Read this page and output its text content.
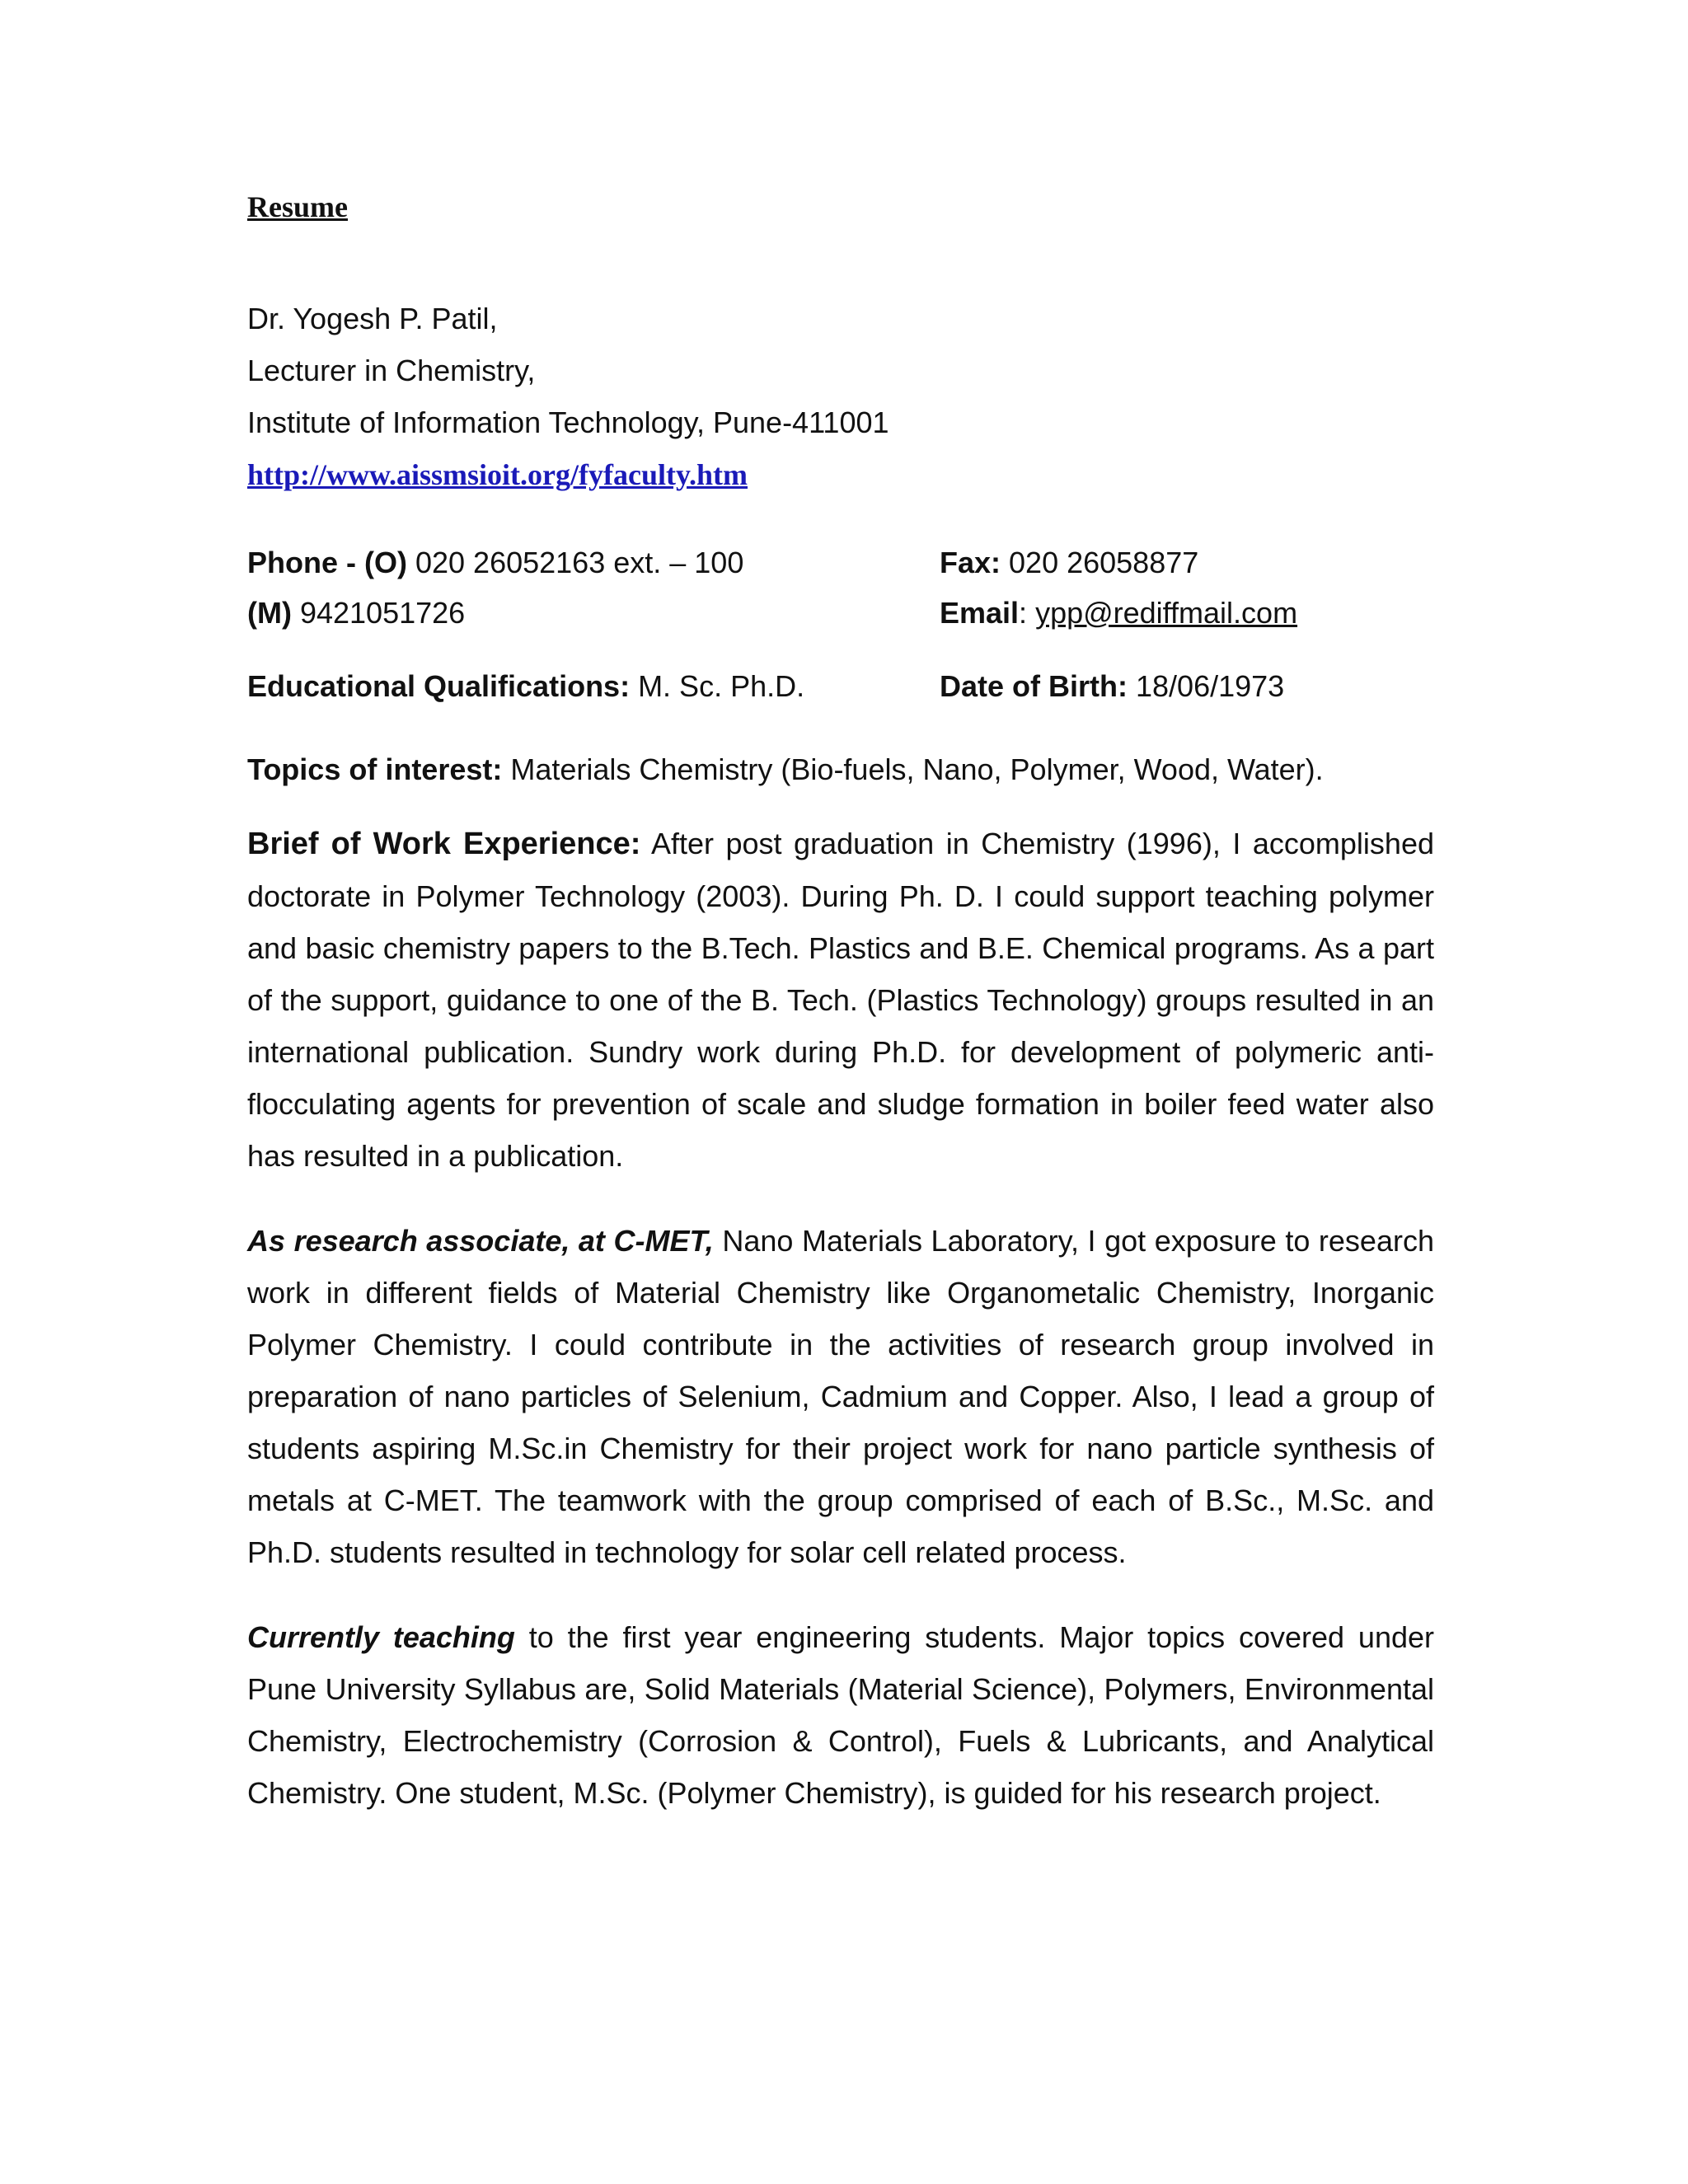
Resume
Dr. Yogesh P. Patil,
Lecturer in Chemistry,
Institute of Information Technology, Pune-411001
http://www.aissmsioit.org/fyfaculty.htm
Phone - (O) 020 26052163 ext. – 100	Fax: 020 26058877
(M) 9421051726	Email: ypp@rediffmail.com
Educational Qualifications: M. Sc. Ph.D.	Date of Birth: 18/06/1973
Topics of interest: Materials Chemistry (Bio-fuels, Nano, Polymer, Wood, Water).

Brief of Work Experience: After post graduation in Chemistry (1996), I accomplished doctorate in Polymer Technology (2003). During Ph. D. I could support teaching polymer and basic chemistry papers to the B.Tech. Plastics and B.E. Chemical programs. As a part of the support, guidance to one of the B. Tech. (Plastics Technology) groups resulted in an international publication. Sundry work during Ph.D. for development of polymeric anti-flocculating agents for prevention of scale and sludge formation in boiler feed water also has resulted in a publication.

As research associate, at C-MET, Nano Materials Laboratory, I got exposure to research work in different fields of Material Chemistry like Organometalic Chemistry, Inorganic Polymer Chemistry. I could contribute in the activities of research group involved in preparation of nano particles of Selenium, Cadmium and Copper. Also, I lead a group of students aspiring M.Sc.in Chemistry for their project work for nano particle synthesis of metals at C-MET. The teamwork with the group comprised of each of B.Sc., M.Sc. and Ph.D. students resulted in technology for solar cell related process.

Currently teaching to the first year engineering students. Major topics covered under Pune University Syllabus are, Solid Materials (Material Science), Polymers, Environmental Chemistry, Electrochemistry (Corrosion & Control), Fuels & Lubricants, and Analytical Chemistry. One student, M.Sc. (Polymer Chemistry), is guided for his research project.
